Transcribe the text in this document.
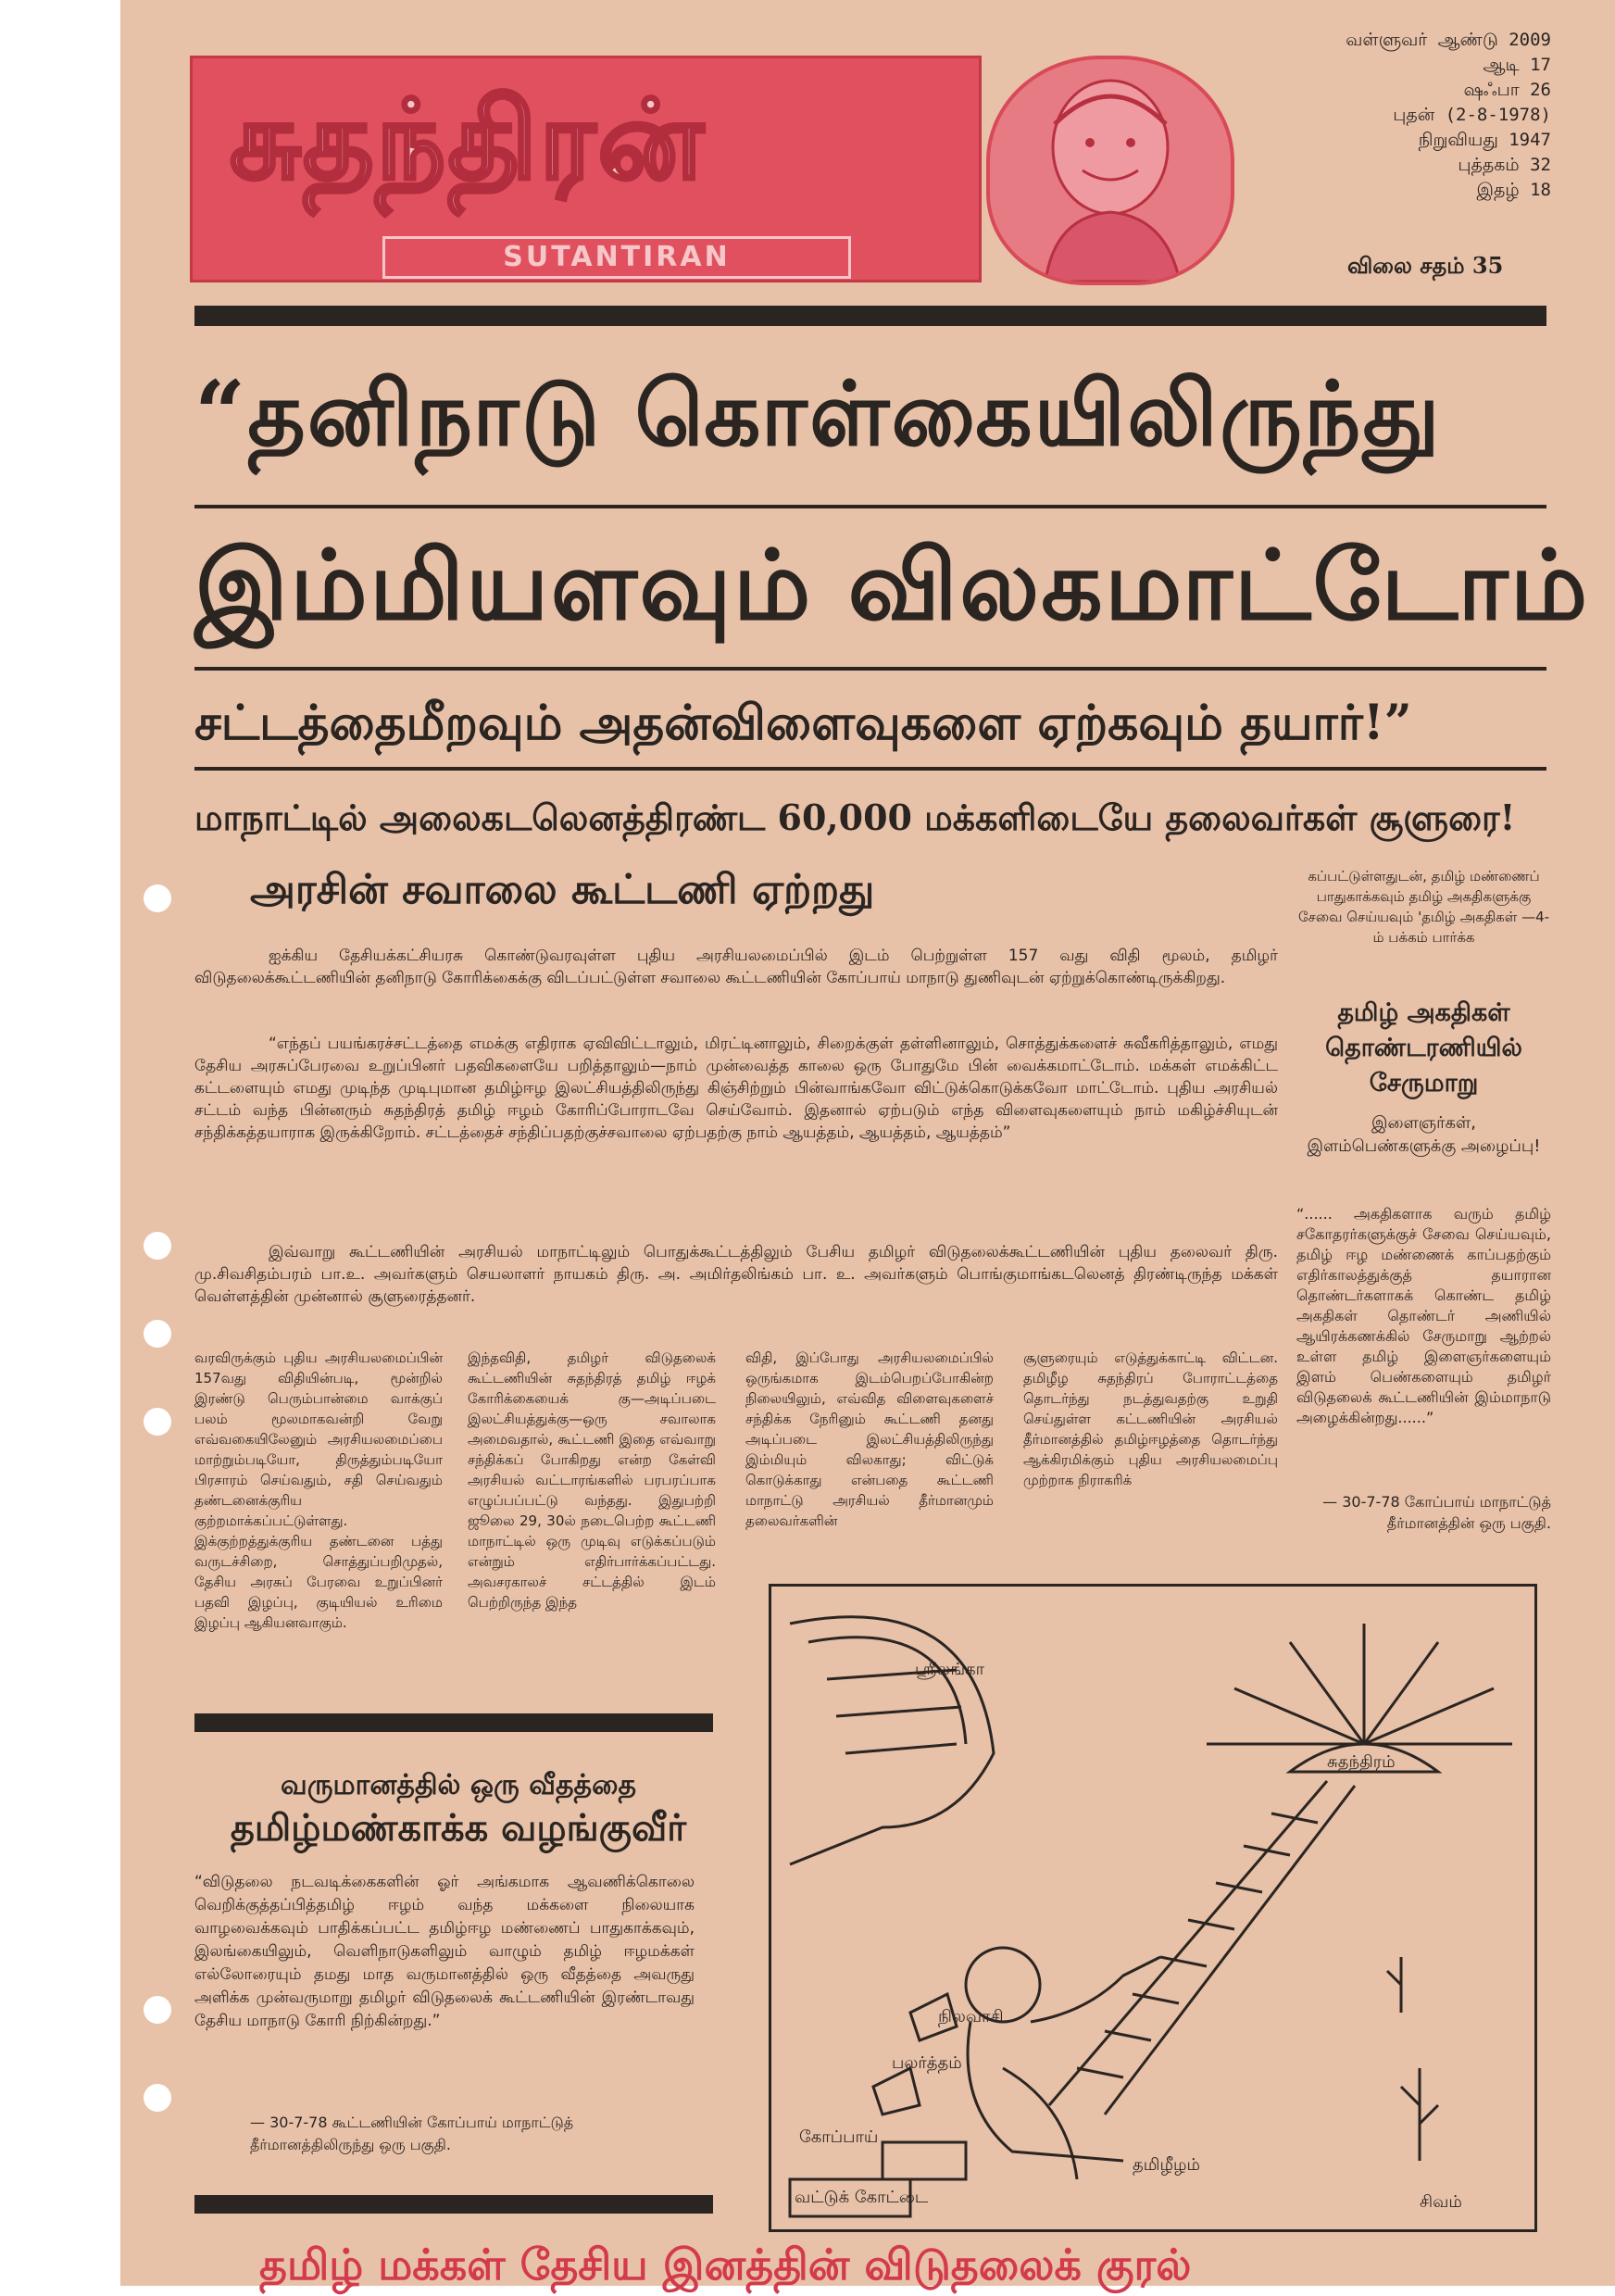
சுதந்திரன்
SUTANTIRAN
வள்ளுவர் ஆண்டு 2009
ஆடி 17
ஷஃபா 26
புதன் (2-8-1978)
நிறுவியது 1947
புத்தகம் 32
இதழ் 18
விலை சதம் 35
“தனிநாடு கொள்கையிலிருந்து
இம்மியளவும் விலகமாட்டோம்
சட்டத்தைமீறவும் அதன்விளைவுகளை ஏற்கவும் தயார்!”
மாநாட்டில் அலைகடலெனத்திரண்ட 60,000 மக்களிடையே தலைவர்கள் சூளுரை!
அரசின் சவாலை கூட்டணி ஏற்றது	கப்பட்டுள்ளதுடன், தமிழ் மண்ணைப் பாதுகாக்கவும் தமிழ் அகதிகளுக்கு சேவை செய்யவும் 'தமிழ் அகதிகள் —4-ம் பக்கம் பார்க்க
தமிழ் அகதிகள் தொண்டரணியில் சேருமாறு
இளைஞர்கள், இளம்பெண்களுக்கு அழைப்பு!
“...... அகதிகளாக வரும் தமிழ் சகோதரர்களுக்குச் சேவை செய்யவும், தமிழ் ஈழ மண்ணைக் காப்பதற்கும் எதிர்காலத்துக்குத் தயாரான தொண்டர்களாகக் கொண்ட தமிழ் அகதிகள் தொண்டர் அணியில் ஆயிரக்கணக்கில் சேருமாறு ஆற்றல் உள்ள தமிழ் இளைஞர்களையும் இளம் பெண்களையும் தமிழர் விடுதலைக் கூட்டணியின் இம்மாநாடு அழைக்கின்றது......”
— 30-7-78 கோப்பாய் மாநாட்டுத் தீர்மானத்தின் ஒரு பகுதி.
ஐக்கிய தேசியக்கட்சியரசு கொண்டுவரவுள்ள புதிய அரசியலமைப்பில் இடம் பெற்றுள்ள 157 வது விதி மூலம், தமிழர் விடுதலைக்கூட்டணியின் தனிநாடு கோரிக்கைக்கு விடப்பட்டுள்ள சவாலை கூட்டணியின் கோப்பாய் மாநாடு துணிவுடன் ஏற்றுக்கொண்டிருக்கிறது.
“எந்தப் பயங்கரச்சட்டத்தை எமக்கு எதிராக ஏவிவிட்டாலும், மிரட்டினாலும், சிறைக்குள் தள்ளினாலும், சொத்துக்களைச் சுவீகரித்தாலும், எமது தேசிய அரசுப்பேரவை உறுப்பினர் பதவிகளையே பறித்தாலும்—நாம் முன்வைத்த காலை ஒரு போதுமே பின் வைக்கமாட்டோம். மக்கள் எமக்கிட்ட கட்டளையும் எமது முடிந்த முடிபுமான தமிழ்ஈழ இலட்சியத்திலிருந்து கிஞ்சிற்றும் பின்வாங்கவோ விட்டுக்கொடுக்கவோ மாட்டோம். புதிய அரசியல் சட்டம் வந்த பின்னரும் சுதந்திரத் தமிழ் ஈழம் கோரிப்போராடவே செய்வோம். இதனால் ஏற்படும் எந்த விளைவுகளையும் நாம் மகிழ்ச்சியுடன் சந்திக்கத்தயாராக இருக்கிறோம். சட்டத்தைச் சந்திப்பதற்குச்சவாலை ஏற்பதற்கு நாம் ஆயத்தம், ஆயத்தம், ஆயத்தம்”
இவ்வாறு கூட்டணியின் அரசியல் மாநாட்டிலும் பொதுக்கூட்டத்திலும் பேசிய தமிழர் விடுதலைக்கூட்டணியின் புதிய தலைவர் திரு. மு.சிவசிதம்பரம் பா.உ. அவர்களும் செயலாளர் நாயகம் திரு. அ. அமிர்தலிங்கம் பா. உ. அவர்களும் பொங்குமாங்கடலெனத் திரண்டிருந்த மக்கள் வெள்ளத்தின் முன்னால் சூளுரைத்தனர்.
வரவிருக்கும் புதிய அரசியலமைப்பின் 157வது விதியின்படி, மூன்றில் இரண்டு பெரும்பான்மை வாக்குப் பலம் மூலமாகவன்றி வேறு எவ்வகையிலேனும் அரசியலமைப்பை மாற்றும்படியோ, திருத்தும்படியோ பிரசாரம் செய்வதும், சதி செய்வதும் தண்டனைக்குரிய குற்றமாக்கப்பட்டுள்ளது. இக்குற்றத்துக்குரிய தண்டனை பத்து வருடச்சிறை, சொத்துப்பறிமுதல், தேசிய அரசுப் பேரவை உறுப்பினர் பதவி இழப்பு, குடியியல் உரிமை இழப்பு ஆகியனவாகும்.
இந்தவிதி, தமிழர் விடுதலைக் கூட்டணியின் சுதந்திரத் தமிழ் ஈழக் கோரிக்கையைக் கு—அடிப்படை இலட்சியத்துக்கு—ஒரு சவாலாக அமைவதால், கூட்டணி இதை எவ்வாறு சந்திக்கப் போகிறது என்ற கேள்வி அரசியல் வட்டாரங்களில் பரபரப்பாக எழுப்பப்பட்டு வந்தது. இதுபற்றி ஜூலை 29, 30ல் நடைபெற்ற கூட்டணி மாநாட்டில் ஒரு முடிவு எடுக்கப்படும் என்றும் எதிர்பார்க்கப்பட்டது. அவசரகாலச் சட்டத்தில் இடம் பெற்றிருந்த இந்த
விதி, இப்போது அரசியலமைப்பில் ஒருங்கமாக இடம்பெறப்போகின்ற நிலையிலும், எவ்வித விளைவுகளைச் சந்திக்க நேரினும் கூட்டணி தனது அடிப்படை இலட்சியத்திலிருந்து இம்மியும் விலகாது; விட்டுக் கொடுக்காது என்பதை கூட்டணி மாநாட்டு அரசியல் தீர்மானமும் தலைவர்களின்
சூளுரையும் எடுத்துக்காட்டி விட்டன. தமிழீழ சுதந்திரப் போராட்டத்தை தொடர்ந்து நடத்துவதற்கு உறுதி செய்துள்ள கட்டணியின் அரசியல் தீர்மானத்தில் தமிழ்ஈழத்தை தொடர்ந்து ஆக்கிரமிக்கும் புதிய அரசியலமைப்பு முற்றாக நிராகரிக்
வருமானத்தில் ஒரு வீதத்தை
தமிழ்மண்காக்க வழங்குவீர்
“விடுதலை நடவடிக்கைகளின் ஓர் அங்கமாக ஆவணிக்கொலை வெறிக்குத்தப்பித்தமிழ் ஈழம் வந்த மக்களை நிலையாக வாழவைக்கவும் பாதிக்கப்பட்ட தமிழ்ஈழ மண்ணைப் பாதுகாக்கவும், இலங்கையிலும், வெளிநாடுகளிலும் வாழும் தமிழ் ஈழமக்கள் எல்லோரையும் தமது மாத வருமானத்தில் ஒரு வீதத்தை அவருது அளிக்க முன்வருமாறு தமிழர் விடுதலைக் கூட்டணியின் இரண்டாவது தேசிய மாநாடு கோரி நிற்கின்றது.”
— 30-7-78 கூட்டணியின் கோப்பாய் மாநாட்டுத் தீர்மானத்திலிருந்து ஒரு பகுதி.
ஸ்ரீலங்கா
சுதந்திரம்
நிலவாசி
பலர்த்தம்
கோப்பாய்
தமிழீழம்
வட்டுக் கோட்டை	சிவம்
தமிழ் மக்கள் தேசிய இனத்தின் விடுதலைக் குரல்
